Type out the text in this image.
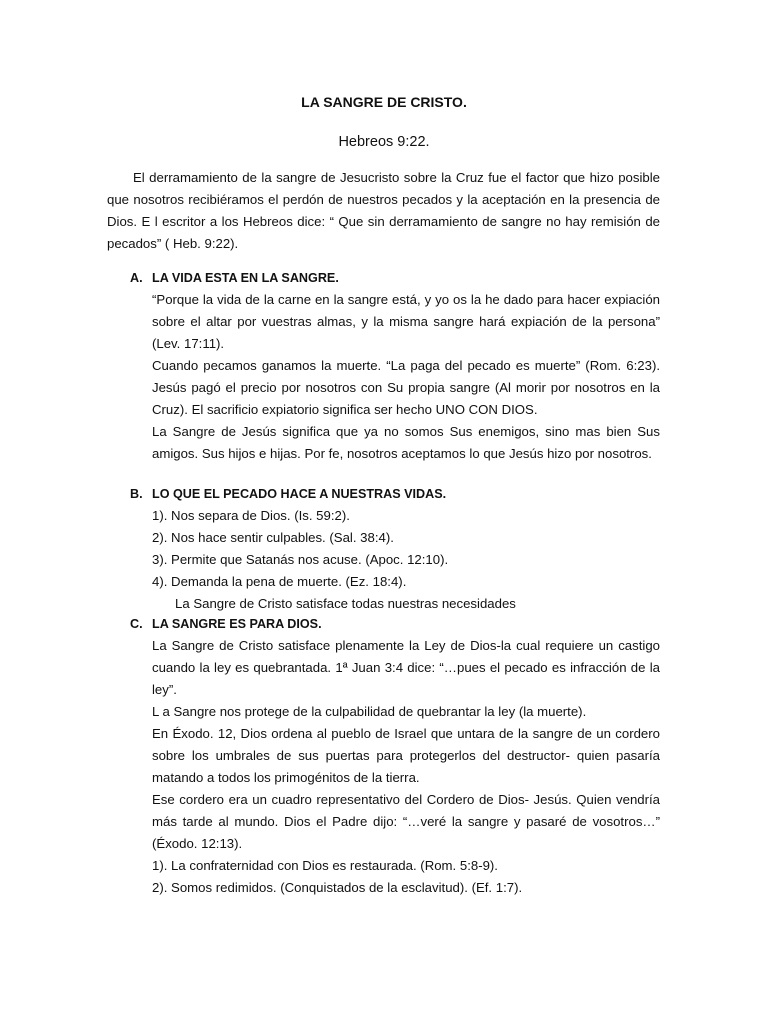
LA SANGRE DE CRISTO.
Hebreos 9:22.

El derramamiento de la sangre de Jesucristo sobre la Cruz fue el factor que hizo posible que nosotros recibiéramos el perdón de nuestros pecados y la aceptación en la presencia de Dios. E l escritor a los Hebreos dice: “ Que sin derramamiento de sangre no hay remisión de pecados” ( Heb. 9:22).

A. LA VIDA ESTA EN LA SANGRE.

“Porque la vida de la carne en la sangre está, y yo os la he dado para hacer expiación sobre el altar por vuestras almas, y la misma sangre hará expiación de la persona” (Lev. 17:11).

Cuando pecamos ganamos la muerte. “La paga del pecado es muerte” (Rom. 6:23). Jesús pagó el precio por nosotros con Su propia sangre (Al morir por nosotros en la Cruz). El sacrificio expiatorio significa ser hecho UNO CON DIOS.

La Sangre de Jesús significa que ya no somos Sus enemigos, sino mas bien Sus amigos. Sus hijos e hijas. Por fe, nosotros aceptamos lo que Jesús hizo por nosotros.

B. LO QUE EL PECADO HACE A NUESTRAS VIDAS.
1). Nos separa de Dios. (Is. 59:2).
2). Nos hace sentir culpables. (Sal. 38:4).
3). Permite que Satanás nos acuse. (Apoc. 12:10).
4). Demanda la pena de muerte. (Ez. 18:4).
La Sangre de Cristo satisface todas nuestras necesidades
C. LA SANGRE ES PARA DIOS.

La Sangre de Cristo satisface plenamente la Ley de Dios-la cual requiere un castigo cuando la ley es quebrantada. 1ª Juan 3:4 dice: “…pues el pecado es infracción de la ley”.

L a Sangre nos protege de la culpabilidad de quebrantar la ley (la muerte).

En Éxodo. 12, Dios ordena al pueblo de Israel que untara de la sangre de un cordero sobre los umbrales de sus puertas para protegerlos del destructor- quien pasaría matando a todos los primogénitos de la tierra.

Ese cordero era un cuadro representativo del Cordero de Dios- Jesús. Quien vendría más tarde al mundo. Dios el Padre dijo: “…veré la sangre y pasaré de vosotros…” (Éxodo. 12:13).

1). La confraternidad con Dios es restaurada. (Rom. 5:8-9).
2). Somos redimidos. (Conquistados de la esclavitud). (Ef. 1:7).
